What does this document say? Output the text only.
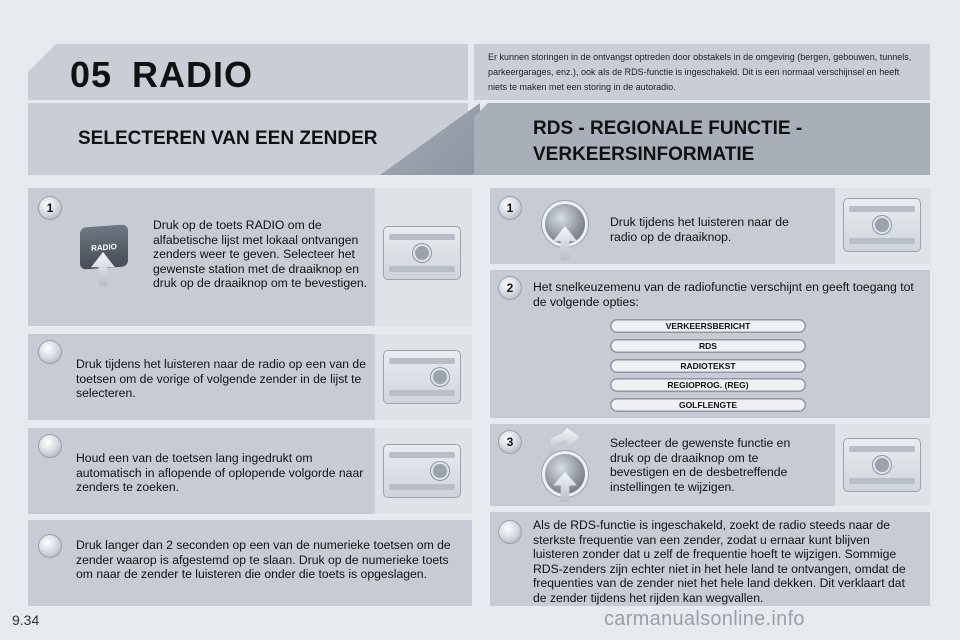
05 RADIO	Er kunnen storingen in de ontvangst optreden door obstakels in de omgeving (bergen, gebouwen, tunnels, parkeergarages, enz.), ook als de RDS-functie is ingeschakeld. Dit is een normaal verschijnsel en heeft niets te maken met een storing in de autoradio.
SELECTEREN VAN EEN ZENDER	RDS - REGIONALE FUNCTIE - VERKEERSINFORMATIE
1
RADIO
Druk op de toets RADIO om de alfabetische lijst met lokaal ontvangen zenders weer te geven. Selecteer het gewenste station met de draaiknop en druk op de draaiknop om te bevestigen.
Druk tijdens het luisteren naar de radio op een van de toetsen om de vorige of volgende zender in de lijst te selecteren.
Houd een van de toetsen lang ingedrukt om automatisch in aflopende of oplopende volgorde naar zenders te zoeken.
Druk langer dan 2 seconden op een van de numerieke toetsen om de zender waarop is afgestemd op te slaan. Druk op de numerieke toets om naar de zender te luisteren die onder die toets is opgeslagen.
1
Druk tijdens het luisteren naar de radio op de draaiknop.
2	Het snelkeuzemenu van de radiofunctie verschijnt en geeft toegang tot de volgende opties:
VERKEERSBERICHT
RDS
RADIOTEKST
REGIOPROG. (REG)
GOLFLENGTE
3	Selecteer de gewenste functie en druk op de draaiknop om te bevestigen en de desbetreffende instellingen te wijzigen.
Als de RDS-functie is ingeschakeld, zoekt de radio steeds naar de sterkste frequentie van een zender, zodat u ernaar kunt blijven luisteren zonder dat u zelf de frequentie hoeft te wijzigen. Sommige RDS-zenders zijn echter niet in het hele land te ontvangen, omdat de frequenties van de zender niet het hele land dekken. Dit verklaart dat de zender tijdens het rijden kan wegvallen.
9.34	carmanualsonline.info
